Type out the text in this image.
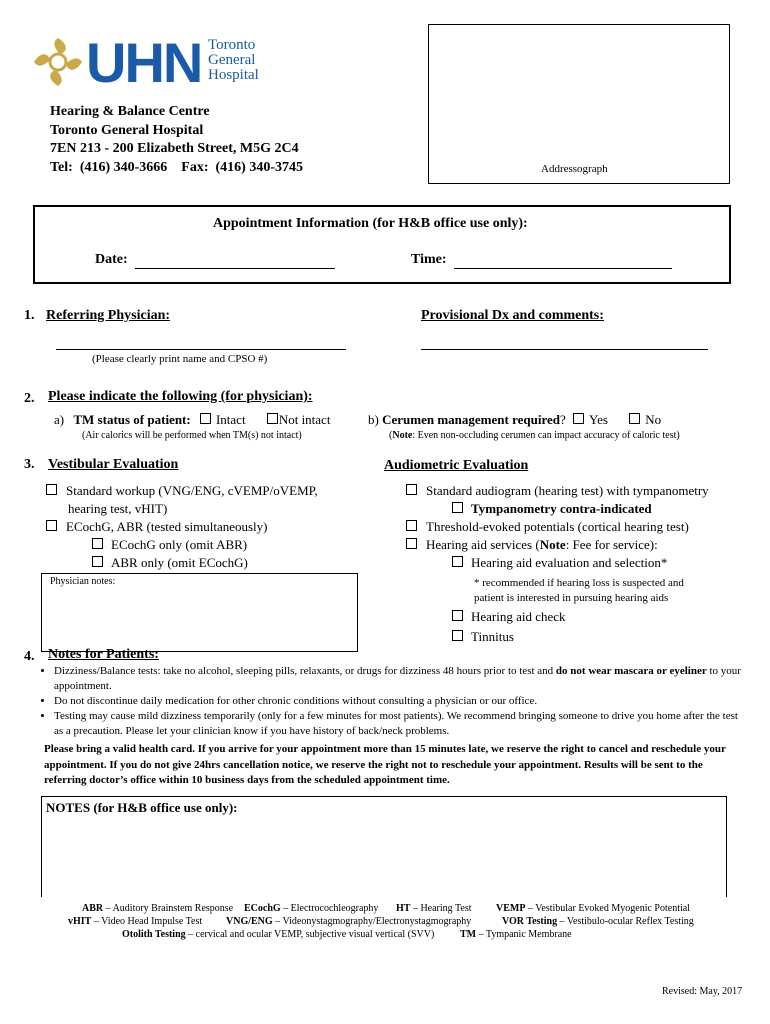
UHN Toronto
General
Hospital
Hearing & Balance Centre
Toronto General Hospital
7EN 213 - 200 Elizabeth Street, M5G 2C4
Tel:  (416) 340-3666    Fax:  (416) 340-3745	Addressograph
Appointment Information (for H&B office use only):
Date:	Time:
1. Referring Physician:
(Please clearly print name and CPSO #)
Provisional Dx and comments:
2. Please indicate the following (for physician):
a) TM status of patient: Intact	Not intact
(Air calorics will be performed when TM(s) not intact)
b) Cerumen management required? Yes	No
(Note: Even non-occluding cerumen can impact accuracy of caloric test)
3. Vestibular Evaluation
Standard workup (VNG/ENG, cVEMP/oVEMP,
hearing test, vHIT)
ECochG, ABR (tested simultaneously)
ECochG only (omit ABR)
ABR only (omit ECochG)
Physician notes:
Audiometric Evaluation
Standard audiogram (hearing test) with tympanometry
Tympanometry contra-indicated
Threshold-evoked potentials (cortical hearing test)
Hearing aid services (Note: Fee for service):
Hearing aid evaluation and selection*
* recommended if hearing loss is suspected and
patient is interested in pursuing hearing aids
Hearing aid check
Tinnitus
4. Notes for Patients:
• Dizziness/Balance tests: take no alcohol, sleeping pills, relaxants, or drugs for dizziness 48 hours prior to test and do not wear mascara or eyeliner to your appointment.
• Do not discontinue daily medication for other chronic conditions without consulting a physician or our office.
• Testing may cause mild dizziness temporarily (only for a few minutes for most patients). We recommend bringing someone to drive you home after the test as a precaution. Please let your clinician know if you have history of back/neck problems.
Please bring a valid health card. If you arrive for your appointment more than 15 minutes late, we reserve the right to cancel and reschedule your appointment. If you do not give 24hrs cancellation notice, we reserve the right not to reschedule your appointment. Results will be sent to the referring doctor’s office within 10 business days from the scheduled appointment time.
NOTES (for H&B office use only):
ABR – Auditory Brainstem Response ECochG – Electrocochleography HT – Hearing Test VEMP – Vestibular Evoked Myogenic Potential
vHIT – Video Head Impulse Test VNG/ENG – Videonystagmography/Electronystagmography	VOR Testing – Vestibulo-ocular Reflex Testing
Otolith Testing – cervical and ocular VEMP, subjective visual vertical (SVV)	TM – Tympanic Membrane
Revised: May, 2017
